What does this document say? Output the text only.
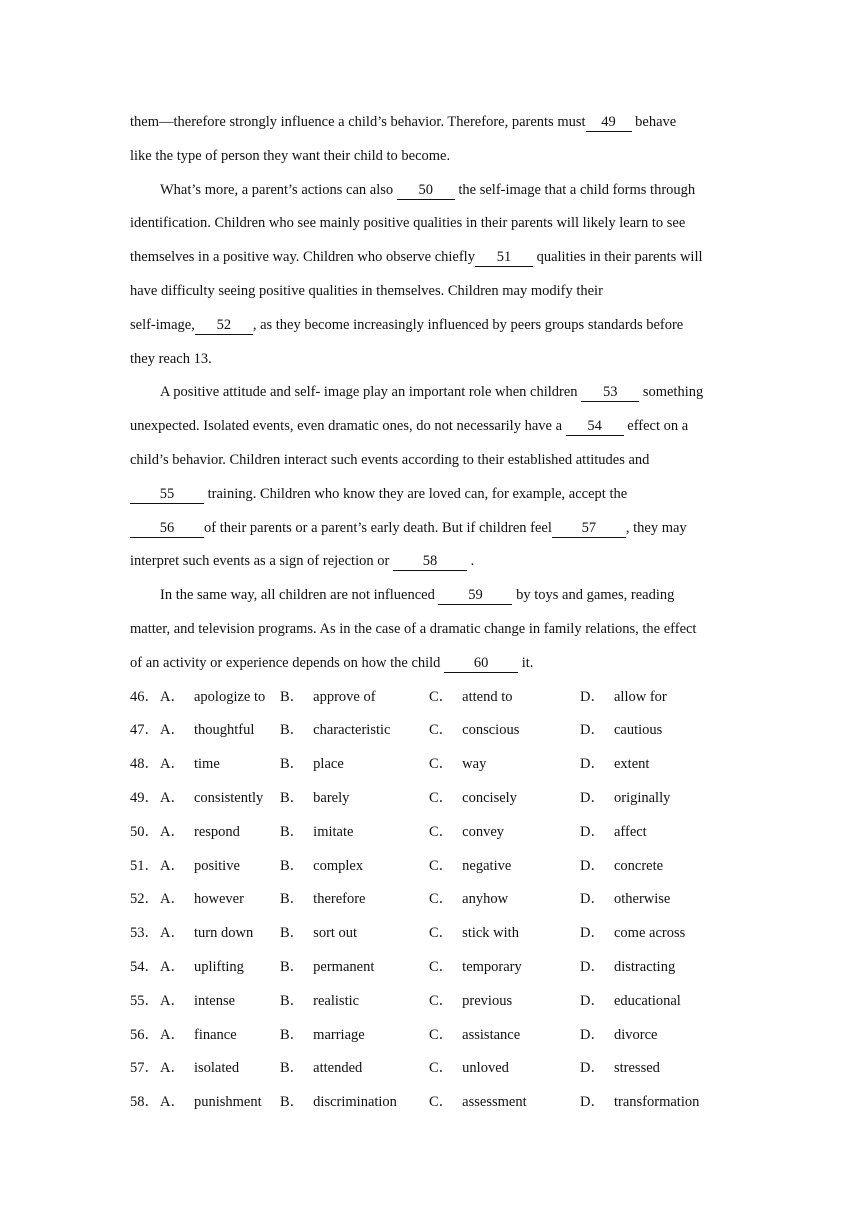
them—therefore strongly influence a child’s behavior. Therefore, parents must 49 behave
like the type of person they want their child to become.
What’s more, a parent’s actions can also 50 the self-image that a child forms through
identification. Children who see mainly positive qualities in their parents will likely learn to see
themselves in a positive way. Children who observe chiefly 51 qualities in their parents will
have difficulty seeing positive qualities in themselves. Children may modify their
self-image, 52 , as they become increasingly influenced by peers groups standards before
they reach 13.
A positive attitude and self- image play an important role when children 53 something
unexpected. Isolated events, even dramatic ones, do not necessarily have a 54 effect on a
child’s behavior. Children interact such events according to their established attitudes and
55 training. Children who know they are loved can, for example, accept the
56 of their parents or a parent’s early death. But if children feel 57 , they may
interpret such events as a sign of rejection or 58 .
In the same way, all children are not influenced 59 by toys and games, reading
matter, and television programs. As in the case of a dramatic change in family relations, the effect
of an activity or experience depends on how the child 60 it.
46． A． apologize to B． approve of	C． attend to	D． allow for
47． A． thoughtful B． characteristic	C． conscious	D． cautious
48． A． time	B． place	C． way	D． extent
49． A． consistently B． barely	C． concisely	D． originally
50． A． respond	B． imitate	C． convey	D． affect
51． A． positive	B． complex	C． negative	D． concrete
52． A． however B． therefore	C． anyhow	D． otherwise
53． A． turn down B． sort out	C． stick with	D． come across
54． A． uplifting B． permanent	C． temporary	D． distracting
55． A． intense	B． realistic	C． previous	D． educational
56． A． finance	B． marriage	C． assistance	D． divorce
57． A． isolated	B． attended	C． unloved	D． stressed
58． A． punishment B． discrimination C． assessment	D． transformation
